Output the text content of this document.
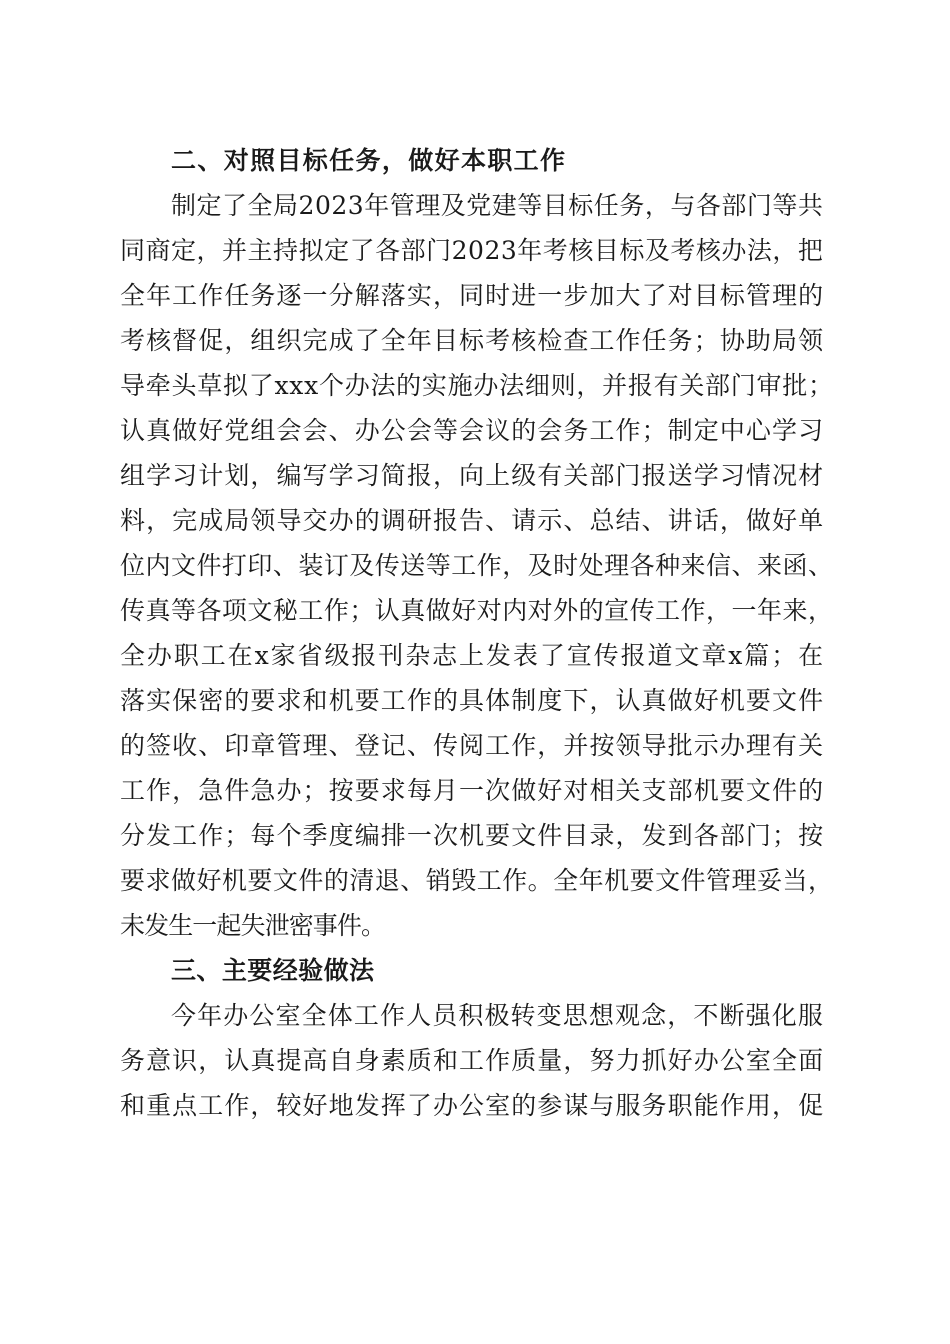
二、对照目标任务，做好本职工作
制定了全局2023年管理及党建等目标任务，与各部门等共
同商定，并主持拟定了各部门2023年考核目标及考核办法，把
全年工作任务逐一分解落实，同时进一步加大了对目标管理的
考核督促，组织完成了全年目标考核检查工作任务；协助局领
导牵头草拟了xxx个办法的实施办法细则，并报有关部门审批；
认真做好党组会会、办公会等会议的会务工作；制定中心学习
组学习计划，编写学习简报，向上级有关部门报送学习情况材
料，完成局领导交办的调研报告、请示、总结、讲话，做好单
位内文件打印、装订及传送等工作，及时处理各种来信、来函、
传真等各项文秘工作；认真做好对内对外的宣传工作，一年来，
全办职工在x家省级报刊杂志上发表了宣传报道文章x篇；在
落实保密的要求和机要工作的具体制度下，认真做好机要文件
的签收、印章管理、登记、传阅工作，并按领导批示办理有关
工作，急件急办；按要求每月一次做好对相关支部机要文件的
分发工作；每个季度编排一次机要文件目录，发到各部门；按
要求做好机要文件的清退、销毁工作。全年机要文件管理妥当，
未发生一起失泄密事件。
三、主要经验做法
今年办公室全体工作人员积极转变思想观念，不断强化服
务意识，认真提高自身素质和工作质量，努力抓好办公室全面
和重点工作，较好地发挥了办公室的参谋与服务职能作用，促
